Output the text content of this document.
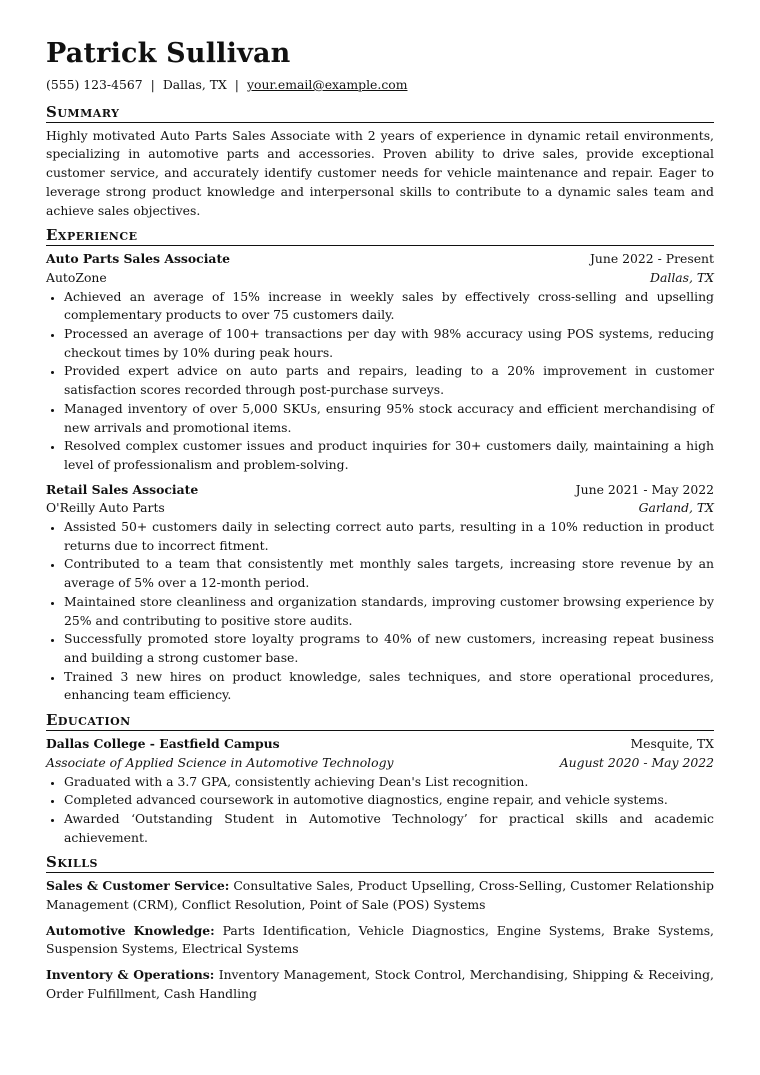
Patrick Sullivan
(555) 123-4567 | Dallas, TX | your.email@example.com
Summary

Highly motivated Auto Parts Sales Associate with 2 years of experience in dynamic retail environments, specializing in automotive parts and accessories. Proven ability to drive sales, provide exceptional customer service, and accurately identify customer needs for vehicle maintenance and repair. Eager to leverage strong product knowledge and interpersonal skills to contribute to a dynamic sales team and achieve sales objectives.

Experience
Auto Parts Sales Associate	June 2022 - Present
AutoZone	Dallas, TX
• Achieved an average of 15% increase in weekly sales by effectively cross-selling and upselling complementary products to over 75 customers daily.
• Processed an average of 100+ transactions per day with 98% accuracy using POS systems, reducing checkout times by 10% during peak hours.
• Provided expert advice on auto parts and repairs, leading to a 20% improvement in customer satisfaction scores recorded through post-purchase surveys.
• Managed inventory of over 5,000 SKUs, ensuring 95% stock accuracy and efficient merchandising of new arrivals and promotional items.
• Resolved complex customer issues and product inquiries for 30+ customers daily, maintaining a high level of professionalism and problem-solving.
Retail Sales Associate	June 2021 - May 2022
O'Reilly Auto Parts	Garland, TX
• Assisted 50+ customers daily in selecting correct auto parts, resulting in a 10% reduction in product returns due to incorrect fitment.
• Contributed to a team that consistently met monthly sales targets, increasing store revenue by an average of 5% over a 12-month period.
• Maintained store cleanliness and organization standards, improving customer browsing experience by 25% and contributing to positive store audits.
• Successfully promoted store loyalty programs to 40% of new customers, increasing repeat business and building a strong customer base.
• Trained 3 new hires on product knowledge, sales techniques, and store operational procedures, enhancing team efficiency.
Education
Dallas College - Eastfield Campus	Mesquite, TX
Associate of Applied Science in Automotive Technology	August 2020 - May 2022
• Graduated with a 3.7 GPA, consistently achieving Dean's List recognition.
• Completed advanced coursework in automotive diagnostics, engine repair, and vehicle systems.
• Awarded ‘Outstanding Student in Automotive Technology’ for practical skills and academic achievement.
Skills

Sales & Customer Service: Consultative Sales, Product Upselling, Cross-Selling, Customer Relationship Management (CRM), Conflict Resolution, Point of Sale (POS) Systems

Automotive Knowledge: Parts Identification, Vehicle Diagnostics, Engine Systems, Brake Systems, Suspension Systems, Electrical Systems

Inventory & Operations: Inventory Management, Stock Control, Merchandising, Shipping & Receiving, Order Fulfillment, Cash Handling
